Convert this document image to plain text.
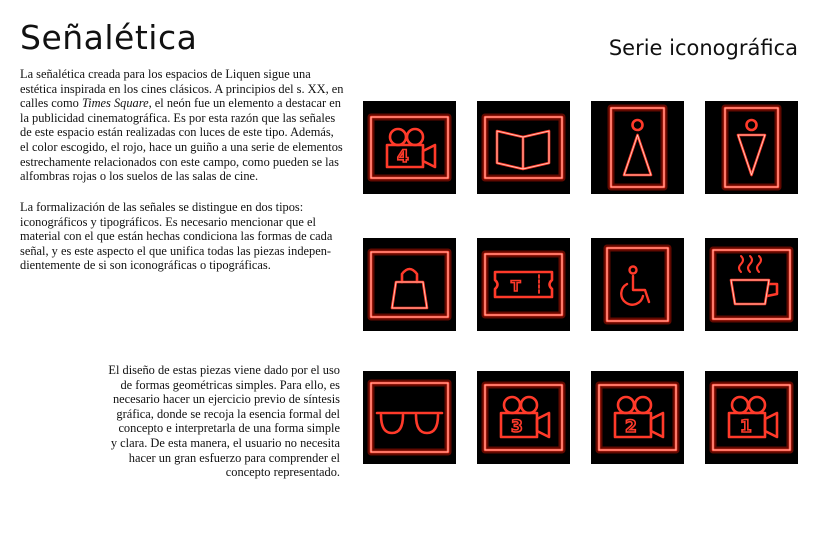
Señalética	Serie iconográfica
La señalética creada para los espacios de Liquen sigue una
estética inspirada en los cines clásicos. A principios del s. XX, en
calles como Times Square, el neón fue un elemento a destacar en
la publicidad cinematográfica. Es por esta razón que las señales
de este espacio están realizadas con luces de este tipo. Además,
el color escogido, el rojo, hace un guiño a una serie de elementos
estrechamente relacionados con este campo, como pueden se las
alfombras rojas o los suelos de las salas de cine.
La formalización de las señales se distingue en dos tipos:
iconográficos y tipográficos. Es necesario mencionar que el
material con el que están hechas condiciona las formas de cada
señal, y es este aspecto el que unifica todas las piezas indepen-
dientemente de si son iconográficas o tipográficas.
El diseño de estas piezas viene dado por el uso
de formas geométricas simples. Para ello, es
necesario hacer un ejercicio previo de síntesis
gráfica, donde se recoja la esencia formal del
concepto e interpretarla de una forma simple
y clara. De esta manera, el usuario no necesita
hacer un gran esfuerzo para comprender el
concepto representado.
4
T
3	2	1
